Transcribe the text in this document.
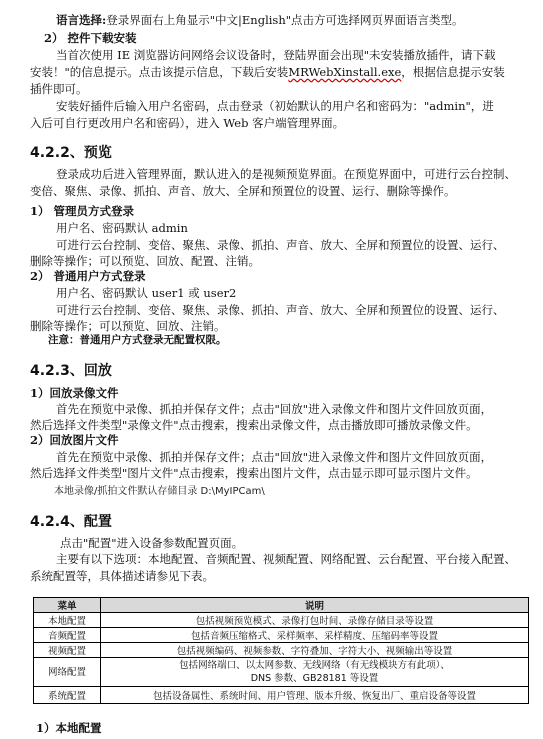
语言选择:登录界面右上角显示"中文|English"点击方可选择网页界面语言类型。
2） 控件下载安装
当首次使用 IE 浏览器访问网络会议设备时，登陆界面会出现"未安装播放插件，请下载
安装！"的信息提示。点击该提示信息，下载后安装MRWebXinstall.exe，根据信息提示安装
插件即可。
安装好插件后输入用户名密码，点击登录（初始默认的用户名和密码为："admin"，进
入后可自行更改用户名和密码），进入 Web 客户端管理界面。
4.2.2、预览
登录成功后进入管理界面，默认进入的是视频预览界面。在预览界面中，可进行云台控制、
变倍、聚焦、录像、抓拍、声音、放大、全屏和预置位的设置、运行、删除等操作。
1） 管理员方式登录
用户名、密码默认 admin
可进行云台控制、变倍、聚焦、录像、抓拍、声音、放大、全屏和预置位的设置、运行、
删除等操作；可以预览、回放、配置、注销。
2） 普通用户方式登录
用户名、密码默认 user1 或 user2
可进行云台控制、变倍、聚焦、录像、抓拍、声音、放大、全屏和预置位的设置、运行、
删除等操作；可以预览、回放、注销。
注意：普通用户方式登录无配置权限。
4.2.3、回放
1）回放录像文件
首先在预览中录像、抓拍并保存文件；点击"回放"进入录像文件和图片文件回放页面，
然后选择文件类型"录像文件"点击搜索，搜索出录像文件，点击播放即可播放录像文件。
2）回放图片文件
首先在预览中录像、抓拍并保存文件；点击"回放"进入录像文件和图片文件回放页面，
然后选择文件类型"图片文件"点击搜索，搜索出图片文件，点击显示即可显示图片文件。
本地录像/抓拍文件默认存储目录 D:\MyIPCam\
4.2.4、配置
点击"配置"进入设备参数配置页面。
主要有以下选项：本地配置、音频配置、视频配置、网络配置、云台配置、平台接入配置、
系统配置等，具体描述请参见下表。
菜单	说明
本地配置	包括视频预览模式、录像打包时间、录像存储目录等设置
音频配置	包括音频压缩格式、采样频率、采样精度、压缩码率等设置
视频配置	包括视频编码、视频参数、字符叠加、字符大小、视频输出等设置
网络配置	包括网络端口、以太网参数、无线网络（有无线模块方有此项）、
DNS 参数、GB28181 等设置

系统配置	包括设备属性、系统时间、用户管理、版本升级、恢复出厂、重启设备等设置
1）本地配置
